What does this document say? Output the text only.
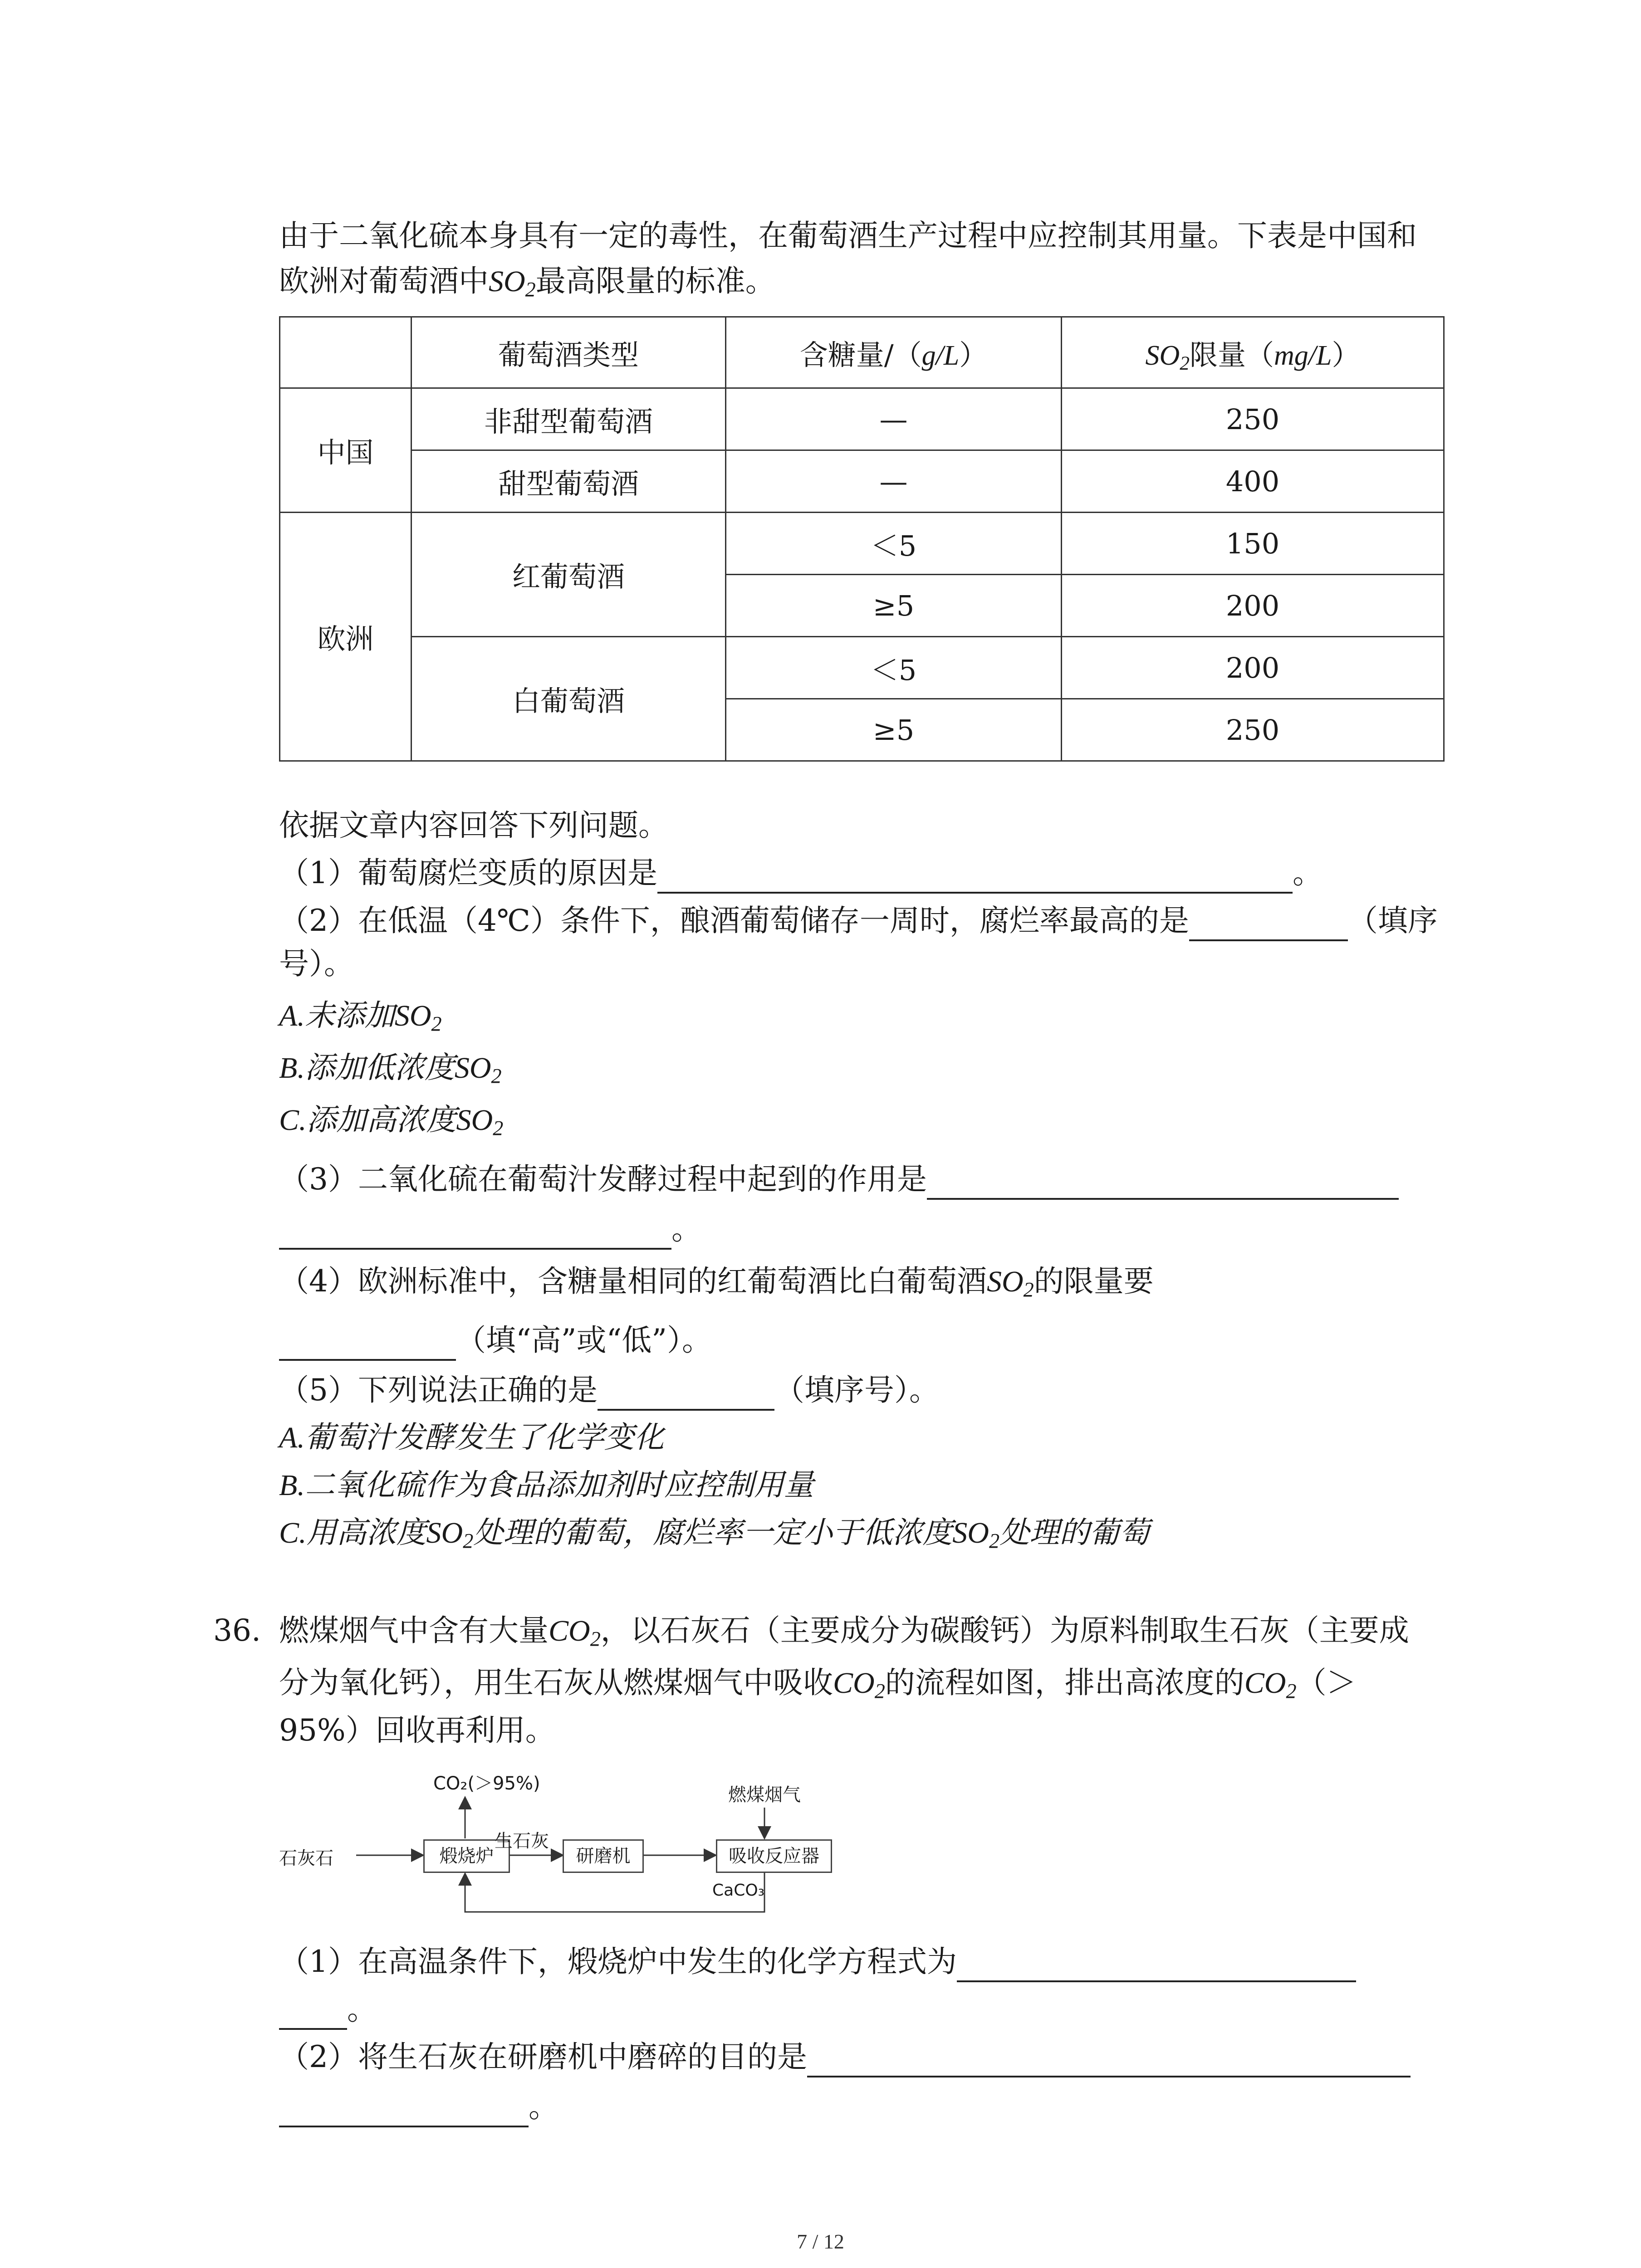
由于二氧化硫本身具有一定的毒性，在葡萄酒生产过程中应控制其用量。下表是中国和
欧洲对葡萄酒中$SO_2$最高限量的标准。
	葡萄酒类型	含糖量/（g/L）	$SO_2$限量（mg/L）
中国	非甜型葡萄酒	—	250
	甜型葡萄酒	—	400
欧洲	红葡萄酒	＜5	150
		≥5	200
	白葡萄酒	＜5	200
		≥5	250
依据文章内容回答下列问题。
（1）葡萄腐烂变质的原因是	。
（2）在低温（4℃）条件下，酿酒葡萄储存一周时，腐烂率最高的是	（填序
号）。
A.未添加$SO_2$
B.添加低浓度$SO_2$
C.添加高浓度$SO_2$
（3）二氧化硫在葡萄汁发酵过程中起到的作用是
。
（4）欧洲标准中，含糖量相同的红葡萄酒比白葡萄酒$SO_2$的限量要
（填“高”或“低”）。
（5）下列说法正确的是	（填序号）。
A.葡萄汁发酵发生了化学变化
B.二氧化硫作为食品添加剂时应控制用量
C.用高浓度$SO_2$处理的葡萄，腐烂率一定小于低浓度$SO_2$处理的葡萄
36. 燃煤烟气中含有大量$CO_2$，以石灰石（主要成分为碳酸钙）为原料制取生石灰（主要成
分为氧化钙），用生石灰从燃煤烟气中吸收$CO_2$的流程如图，排出高浓度的$CO_2(>$
95%）回收再利用。
石灰石	煅烧炉
生石灰
研磨机	吸收反应器
CO₂(＞95%)
燃煤烟气
CaCO₃
（1）在高温条件下，煅烧炉中发生的化学方程式为
。
（2）将生石灰在研磨机中磨碎的目的是
。
7 / 12
